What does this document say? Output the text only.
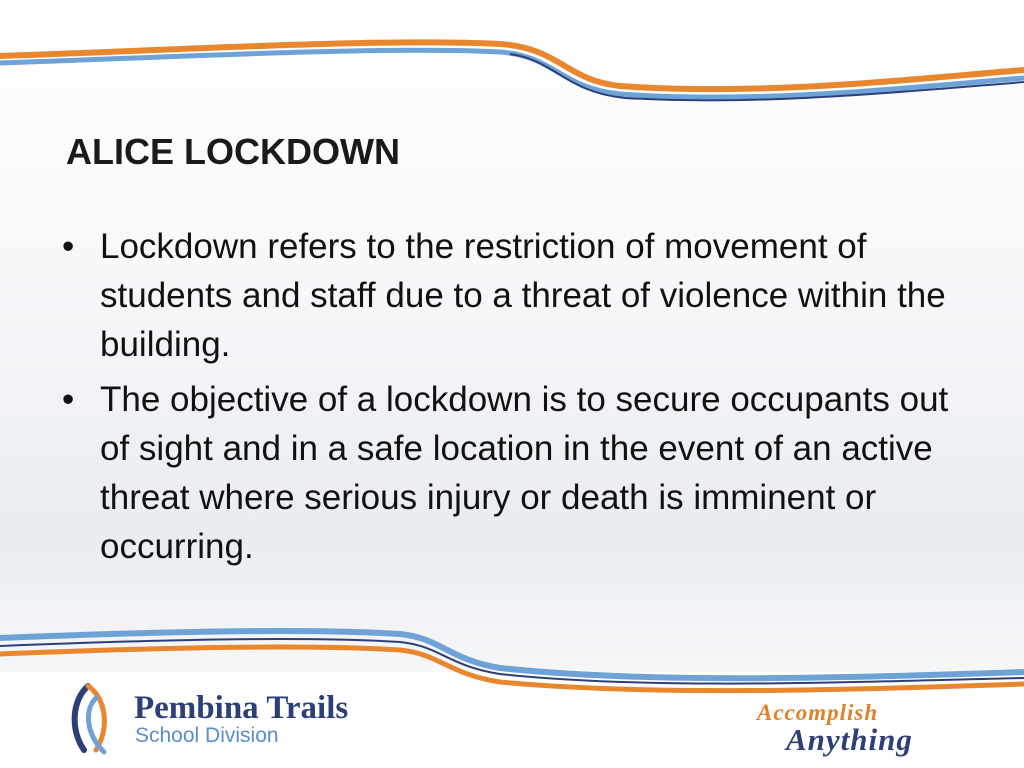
ALICE LOCKDOWN
• Lockdown refers to the restriction of movement of students and staff due to a threat of violence within the building.
• The objective of a lockdown is to secure occupants out of sight and in a safe location in the event of an active threat where serious injury or death is imminent or occurring.
Pembina Trails
School Division
Accomplish
Anything
